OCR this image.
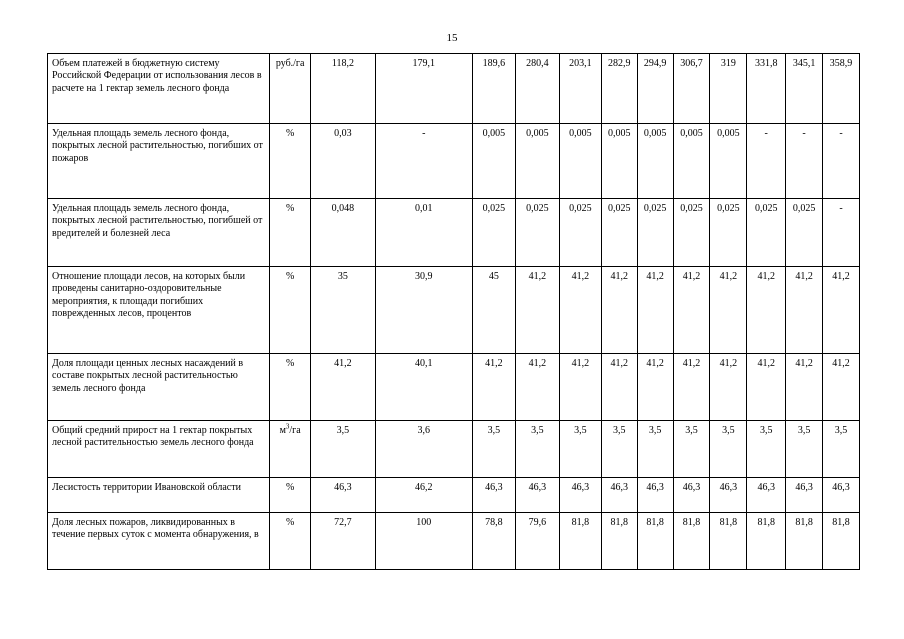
15
Объем платежей в бюджетную систему Российской Федерации от использования лесов в расчете на 1 гектар земель лесного фонда	руб./га	118,2	179,1	189,6	280,4	203,1	282,9	294,9	306,7	319	331,8	345,1	358,9
Удельная площадь земель лесного фонда, покрытых лесной растительностью, погибших от пожаров	%	0,03	-	0,005	0,005	0,005	0,005	0,005	0,005	0,005	-	-	-
Удельная площадь земель лесного фонда, покрытых лесной растительностью, погибшей от вредителей и болезней леса	%	0,048	0,01	0,025	0,025	0,025	0,025	0,025	0,025	0,025	0,025	0,025	-
Отношение площади лесов, на которых были проведены санитарно-оздоровительные мероприятия, к площади погибших поврежденных лесов, процентов	%	35	30,9	45	41,2	41,2	41,2	41,2	41,2	41,2	41,2	41,2	41,2
Доля площади ценных лесных насаждений в составе покрытых лесной растительностью земель лесного фонда	%	41,2	40,1	41,2	41,2	41,2	41,2	41,2	41,2	41,2	41,2	41,2	41,2
Общий средний прирост на 1 гектар покрытых лесной растительностью земель лесного фонда	$м^3/га$	3,5	3,6	3,5	3,5	3,5	3,5	3,5	3,5	3,5	3,5	3,5	3,5
Лесистость территории Ивановской области	%	46,3	46,2	46,3	46,3	46,3	46,3	46,3	46,3	46,3	46,3	46,3	46,3
Доля лесных пожаров, ликвидированных в течение первых суток с момента обнаружения, в	%	72,7	100	78,8	79,6	81,8	81,8	81,8	81,8	81,8	81,8	81,8	81,8
